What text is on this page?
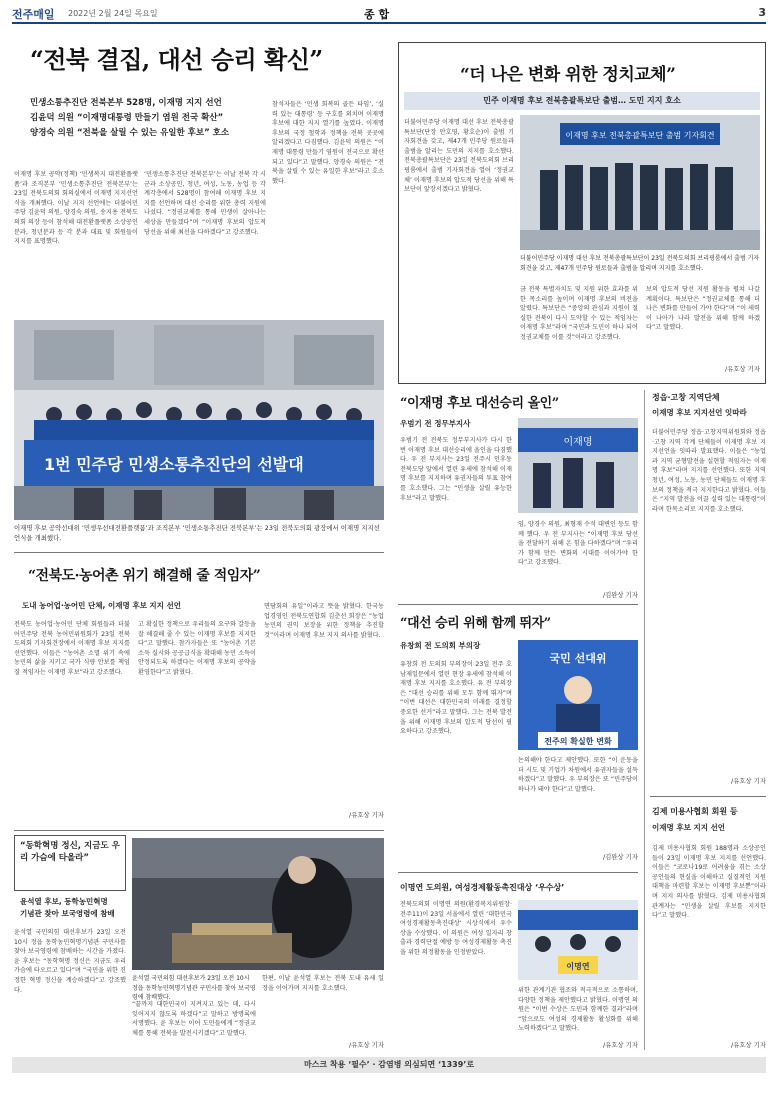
전주매일 2022년 2월 24일 목요일	종 합	3
“전북 결집, 대선 승리 확신”
민생소통추진단 전북본부 528명, 이재명 지지 선언
김윤덕 의원 “이재명대통령 만들기 염원 전국 확산”
양경숙 의원 “전북을 살릴 수 있는 유일한 후보” 호소
이재명 후보 공약(정책) ‘민생복지 대전환플랫폼’과 조직본부 ‘민생소통추진단 전북본부’는 23일 전북도의회 회의실에서 이재명 지지선언식을 개최했다. 이날 지지 선언에는 더불어민주당 김윤덕 의원, 양경숙 의원, 송지용 전북도의회 의장 등이 참석해 대전환플랫폼 소상공인분과, 청년분과 등 각 분과 대표 및 회원들이 지지를 표명했다.
‘민생소통추진단 전북본부’는 이날 전북 각 시군과 소상공인, 청년, 여성, 노동, 농업 등 각계각층에서 528명이 참여해 이재명 후보 지지를 선언하며 대선 승리를 위한 총력 지원에 나섰다. “정권교체를 통해 민생이 살아나는 세상을 만들겠다”며 “이재명 후보의 압도적 당선을 위해 최선을 다하겠다”고 강조했다.
참석자들은 ‘민생 회복의 골든 타임’, ‘실력 있는 대통령’ 등 구호를 외치며 이재명 후보에 대한 지지 열기를 높였다. 이재명 후보의 국정 철학과 정책을 전북 곳곳에 알리겠다고 다짐했다. 김윤덕 의원은 “이재명 대통령 만들기 염원이 전국으로 확산되고 있다”고 말했다. 양경숙 의원은 “전북을 살릴 수 있는 유일한 후보”라고 호소했다.
1번 민주당 민생소통추진단의 선발대
이재명 후보 공약선대위 ‘민생우선대전환플랫폼’과 조직본부 ‘민생소통추진단 전북본부’는 23일 전북도의회 광장에서 이재명 지지선언식을 개최했다.
“더 나은 변화 위한 정치교체”
민주 이재명 후보 전북총괄특보단 출범… 도민 지지 호소
더불어민주당 이재명 대선 후보 전북총괄특보단(단장 안호영, 황호순)이 출범 기자회견을 갖고, 제47개 민주당 원로들과 출범을 알리는 도민의 지지를 호소했다. 전북총괄특보단은 23일 전북도의회 브리핑룸에서 출범 기자회견을 열어 ‘정권교체’ 이재명 후보의 압도적 당선을 위해 특보단이 앞장서겠다고 밝혔다.
이재명 후보 전북총괄특보단 출범 기자회견
더불어민주당 이재명 대선 후보 전북총괄특보단이 23일 전북도의회 브리핑룸에서 출범 기자회견을 갖고, 제47개 민주당 원로들과 출범을 알리며 지지를 호소했다.
금 전북 특별자치도 및 지원 위한 효과를 위한 목소리를 높이며 이재명 후보의 비전을 알렸다. 특보단은 “중앙의 관심과 지원이 절실한 전북이 다시 도약할 수 있는 적임자는 이재명 후보”라며 “국민과 도민이 하나 되어 정권교체를 이룰 것”이라고 강조했다.
보의 압도적 당선 지원 활동을 펼쳐 나갈 계획이다. 특보단은 “정권교체를 통해 더 나은 변화를 만들어 가야 한다”며 “이 세력이 나아가 나라 발전을 위해 함께 하겠다”고 말했다.
/유호상 기자
“이재명 후보 대선승리 올인”
우범기 전 정무부지사
우범기 전 전북도 정무부지사가 다시 한 번 이재명 후보 대선승리에 올인을 다짐했다. 우 전 부지사는 23일 전주시 인후동 전북도당 앞에서 열린 유세에 참석해 이재명 후보를 지지하며 유권자들의 투표 참여를 호소했다. 그는 “민생을 살릴 유능한 후보”라고 말했다.
이재명
임, 양경수 의원, 최형재 수석 대변인 등도 함께 했다. 우 전 부지사는 “이재명 후보 당선을 전달하기 위해 온 힘을 다하겠다”며 “우리가 함께 만든 변화의 시대를 이어가야 한다”고 강조했다.
/김완상 기자
“대선 승리 위해 함께 뛰자”
유창희 전 도의회 부의장
국민 선대위
전주의 확실한 변화
유창희 전 도의회 부의장이 23일 전주 호남제일문에서 열린 현장 유세에 참석해 이재명 후보 지지를 호소했다. 유 전 부의장은 “대선 승리를 위해 모두 함께 뛰자”며 “이번 대선은 대한민국의 미래를 결정할 중요한 선거”라고 말했다. 그는 전북 발전을 위해 이재명 후보의 압도적 당선이 필요하다고 강조했다.
논의해야 한다고 제안했다. 또한 “이 운동을 더 시도 및 기업가 차원에서 유권자들을 설득하겠다”고 말했다. 우 부의장은 또 “민주당이 하나가 돼야 한다”고 말했다.
/김완상 기자
이명연 도의원, 여성경제활동촉진대상 ‘우수상’
전북도의회 이명연 의원(환경복지위원장·전주11)이 23일 서울에서 열린 ‘대한민국 여성경제활동촉진대상’ 시상식에서 우수상을 수상했다. 이 의원은 여성 일자리 창출과 경력단절 예방 등 여성경제활동 촉진을 위한 의정활동을 인정받았다.
이명연
위한 관계기관 협조와 적극적으로 소통하며, 다양한 정책을 제안했다고 밝혔다. 이명연 의원은 “이번 수상은 도민과 함께한 결과”라며 “앞으로도 여성의 경제활동 활성화를 위해 노력하겠다”고 말했다.
/유호상 기자
정읍·고창 지역단체
이재명 후보 지지선언 잇따라
더불어민주당 정읍·고창지역위원회와 정읍·고창 지역 각계 단체들이 이재명 후보 지지선언을 잇따라 발표했다. 이들은 “농업과 지역 균형발전을 실현할 적임자는 이재명 후보”라며 지지를 선언했다. 또한 지역 청년, 여성, 노동, 농민 단체들도 이재명 후보의 정책을 적극 지지한다고 밝혔다. 이들은 “지역 발전을 이끌 실력 있는 대통령”이라며 한목소리로 지지를 호소했다.
/유호상 기자
김제 미용사협회 회원 등
이재명 후보 지지 선언
김제 미용사협회 회원 188명과 소상공인들이 23일 이재명 후보 지지를 선언했다. 이들은 “코로나19로 어려움을 겪는 소상공인들의 현실을 이해하고 실질적인 지원 대책을 마련할 후보는 이재명 후보뿐”이라며 지지 의사를 밝혔다. 김제 미용사협회 관계자는 “민생을 살릴 후보를 지지한다”고 말했다.
/유호상 기자
“전북도·농어촌 위기 해결해 줄 적임자”
도내 농어업·농어민 단체, 이재명 후보 지지 선언
전북도 농어업·농어민 단체 회원들과 더불어민주당 전북 농어민위원회가 23일 전북도의회 기자회견장에서 이재명 후보 지지를 선언했다. 이들은 “농어촌 소멸 위기 속에 농민의 삶을 지키고 국가 식량 안보를 책임질 적임자는 이재명 후보”라고 강조했다.
고 확실한 정책으로 우리들의 요구와 갈등을 잘 해결해 줄 수 있는 이재명 후보를 지지한다”고 말했다. 참가자들은 또 “농어촌 기본소득 실시와 공공급식을 확대해 농민 소득이 안정되도록 하겠다는 이재명 후보의 공약을 환영한다”고 밝혔다.
면담회의 유일”이라고 뜻을 밝혔다. 한국농업경영인 전북도연합회 김춘선 회장은 “농업농민의 권익 보장을 위한 정책을 추진할 것”이라며 이재명 후보 지지 의사를 밝혔다.
/유호상 기자
“동학혁명 정신, 지금도 우리 가슴에 타올라”
윤석열 후보, 동학농민혁명
기념관 찾아 보국영령에 참배
윤석열 국민의힘 대선후보가 23일 오전 10시 정읍 동학농민혁명기념관 구민사를 찾아 보국영령에 참배하는 시간을 가졌다. 윤 후보는 “동학혁명 정신은 지금도 우리 가슴에 타오르고 있다”며 “국민을 위한 진정한 혁명 정신을 계승하겠다”고 강조했다.
윤석열 국민의힘 대선후보가 23일 오전 10시 정읍 동학농민혁명기념관 구민사를 찾아 보국영령에 참배했다.
“끝까지 대한민국이 지켜지고 있는 데, 다시 잊어지지 않도록 하겠다”고 말하고 방명록에 서명했다. 윤 후보는 이어 도민들에게 “정권교체를 통해 전북을 발전시키겠다”고 말했다.
한편, 이날 윤석열 후보는 전북 도내 유세 일정을 이어가며 지지를 호소했다.
/유호상 기자
마스크 착용 ‘필수’ · 감염병 의심되면 ‘1339’로
